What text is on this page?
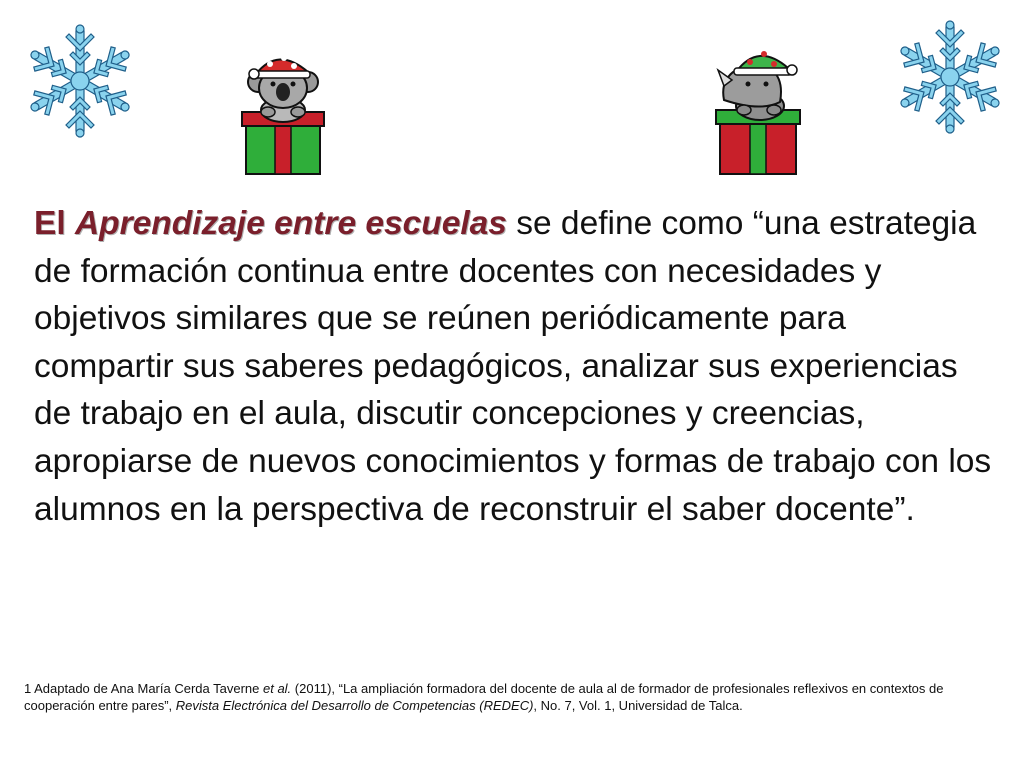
El Aprendizaje entre escuelas se define como “una estrategia de formación continua entre docentes con necesidades y objetivos similares que se reúnen periódicamente para compartir sus saberes pedagógicos, analizar sus experiencias de trabajo en el aula, discutir concepciones y creencias, apropiarse de nuevos conocimientos y formas de trabajo con los alumnos en la perspectiva de reconstruir el saber docente”.

1 Adaptado de Ana María Cerda Taverne et al. (2011), “La ampliación formadora del docente de aula al de formador de profesionales reflexivos en contextos de cooperación entre pares”, Revista Electrónica del Desarrollo de Competencias (REDEC), No. 7, Vol. 1, Universidad de Talca.
